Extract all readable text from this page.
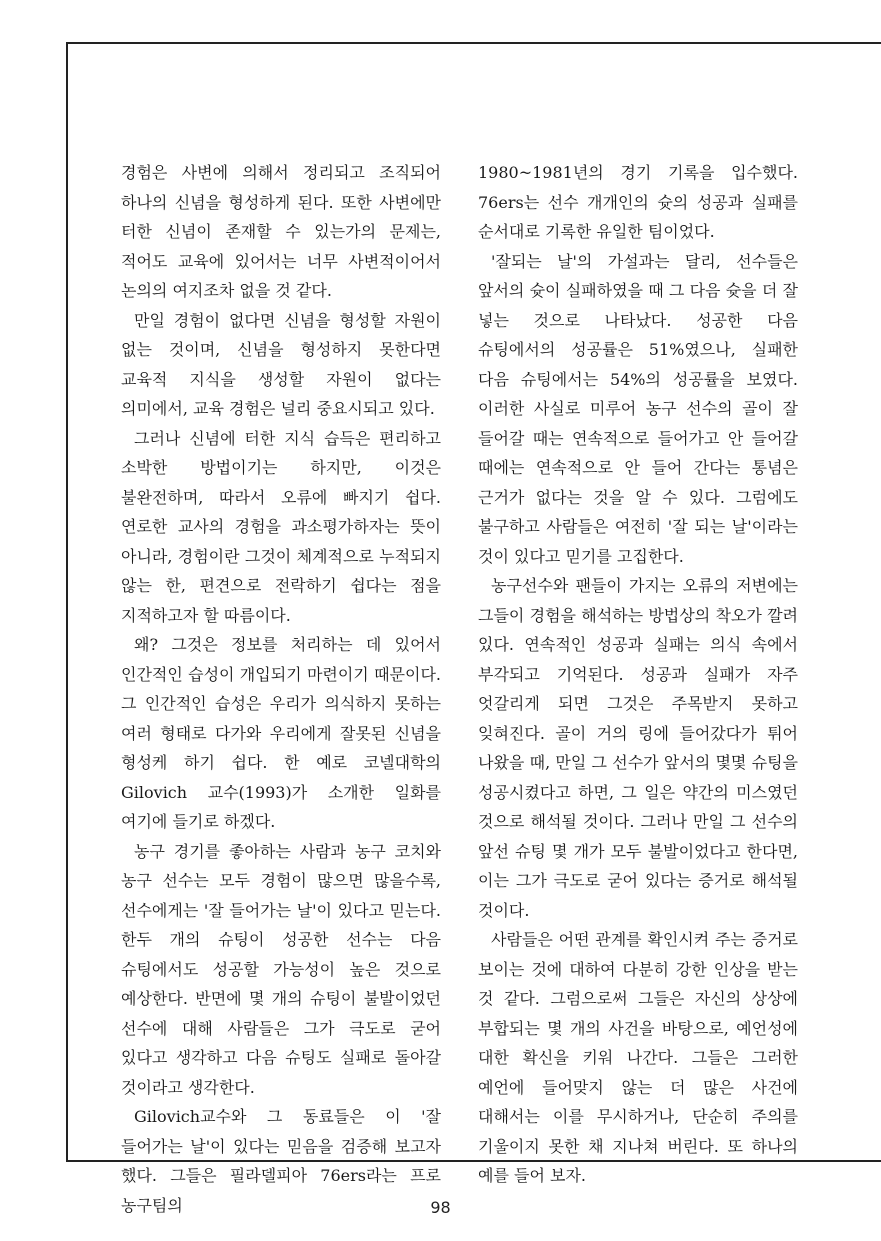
경험은 사변에 의해서 정리되고 조직되어 하나의 신념을 형성하게 된다. 또한 사변에만 터한 신념이 존재할 수 있는가의 문제는, 적어도 교육에 있어서는 너무 사변적이어서 논의의 여지조차 없을 것 같다.

만일 경험이 없다면 신념을 형성할 자원이 없는 것이며, 신념을 형성하지 못한다면 교육적 지식을 생성할 자원이 없다는 의미에서, 교육 경험은 널리 중요시되고 있다.

그러나 신념에 터한 지식 습득은 편리하고 소박한 방법이기는 하지만, 이것은 불완전하며, 따라서 오류에 빠지기 쉽다. 연로한 교사의 경험을 과소평가하자는 뜻이 아니라, 경험이란 그것이 체계적으로 누적되지 않는 한, 편견으로 전락하기 쉽다는 점을 지적하고자 할 따름이다.

왜? 그것은 정보를 처리하는 데 있어서 인간적인 습성이 개입되기 마련이기 때문이다. 그 인간적인 습성은 우리가 의식하지 못하는 여러 형태로 다가와 우리에게 잘못된 신념을 형성케 하기 쉽다. 한 예로 코넬대학의 Gilovich 교수(1993)가 소개한 일화를 여기에 들기로 하겠다.

농구 경기를 좋아하는 사람과 농구 코치와 농구 선수는 모두 경험이 많으면 많을수록, 선수에게는 '잘 들어가는 날'이 있다고 믿는다. 한두 개의 슈팅이 성공한 선수는 다음 슈팅에서도 성공할 가능성이 높은 것으로 예상한다. 반면에 몇 개의 슈팅이 불발이었던 선수에 대해 사람들은 그가 극도로 굳어 있다고 생각하고 다음 슈팅도 실패로 돌아갈 것이라고 생각한다.

Gilovich교수와 그 동료들은 이 '잘 들어가는 날'이 있다는 믿음을 검증해 보고자 했다. 그들은 필라델피아 76ers라는 프로 농구팀의

1980~1981년의 경기 기록을 입수했다. 76ers는 선수 개개인의 슛의 성공과 실패를 순서대로 기록한 유일한 팀이었다.

'잘되는 날'의 가설과는 달리, 선수들은 앞서의 슛이 실패하였을 때 그 다음 슛을 더 잘 넣는 것으로 나타났다. 성공한 다음 슈팅에서의 성공률은 51%였으나, 실패한 다음 슈팅에서는 54%의 성공률을 보였다. 이러한 사실로 미루어 농구 선수의 골이 잘 들어갈 때는 연속적으로 들어가고 안 들어갈 때에는 연속적으로 안 들어 간다는 통념은 근거가 없다는 것을 알 수 있다. 그럼에도 불구하고 사람들은 여전히 '잘 되는 날'이라는 것이 있다고 믿기를 고집한다.

농구선수와 팬들이 가지는 오류의 저변에는 그들이 경험을 해석하는 방법상의 착오가 깔려 있다. 연속적인 성공과 실패는 의식 속에서 부각되고 기억된다. 성공과 실패가 자주 엇갈리게 되면 그것은 주목받지 못하고 잊혀진다. 골이 거의 링에 들어갔다가 튀어 나왔을 때, 만일 그 선수가 앞서의 몇몇 슈팅을 성공시켰다고 하면, 그 일은 약간의 미스였던 것으로 해석될 것이다. 그러나 만일 그 선수의 앞선 슈팅 몇 개가 모두 불발이었다고 한다면, 이는 그가 극도로 굳어 있다는 증거로 해석될 것이다.

사람들은 어떤 관계를 확인시켜 주는 증거로 보이는 것에 대하여 다분히 강한 인상을 받는 것 같다. 그럼으로써 그들은 자신의 상상에 부합되는 몇 개의 사건을 바탕으로, 예언성에 대한 확신을 키워 나간다. 그들은 그러한 예언에 들어맞지 않는 더 많은 사건에 대해서는 이를 무시하거나, 단순히 주의를 기울이지 못한 채 지나쳐 버린다. 또 하나의 예를 들어 보자.

98
